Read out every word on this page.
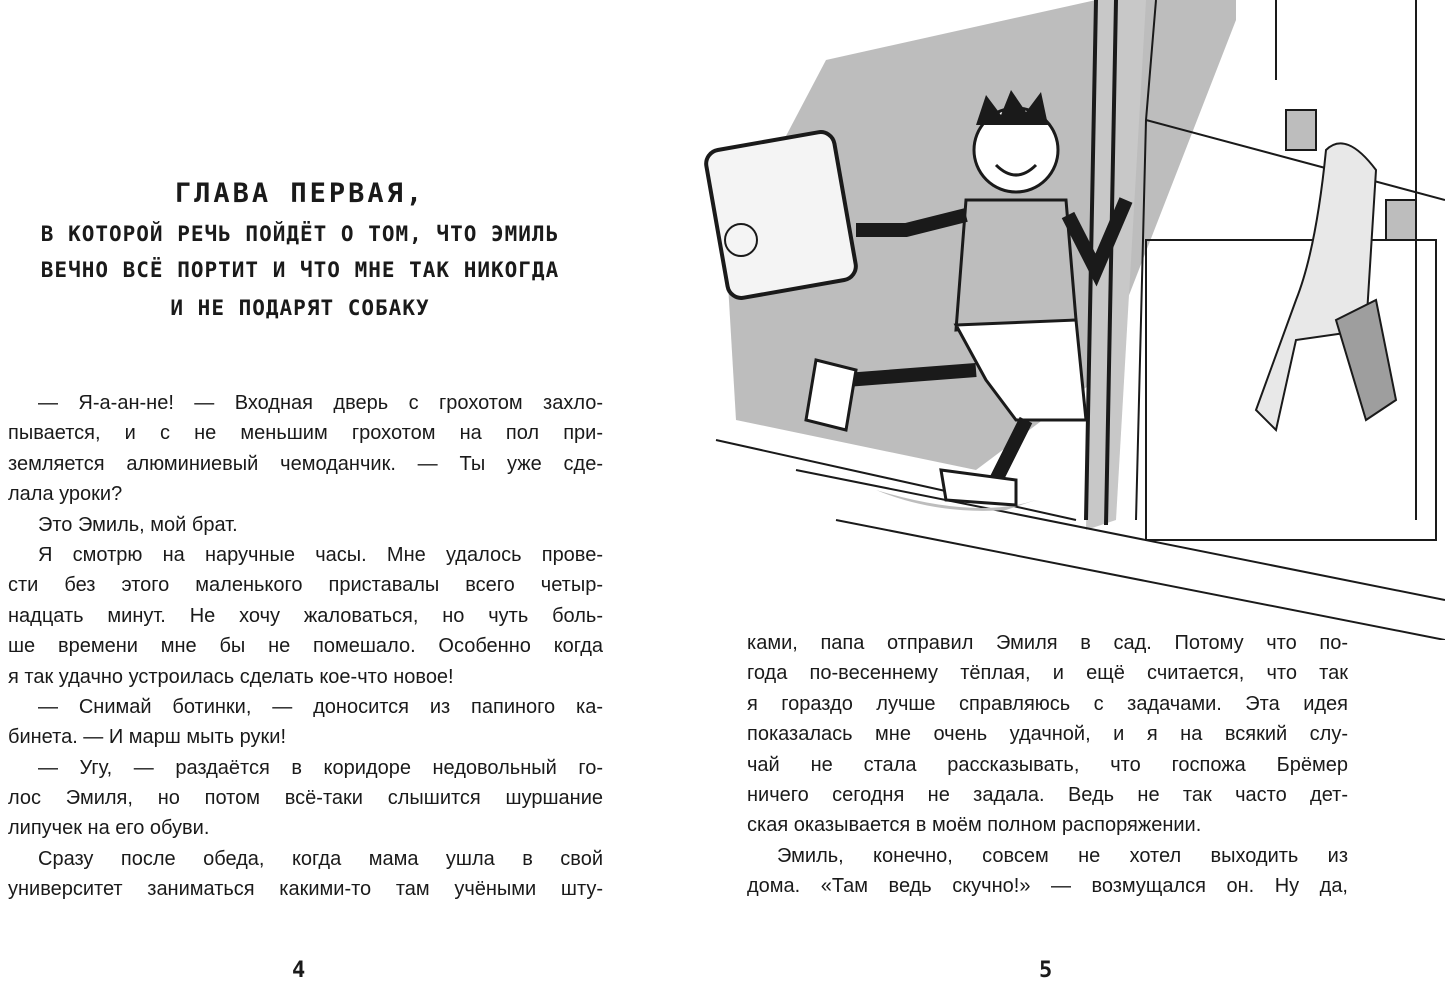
ГЛАВА ПЕРВАЯ,
В КОТОРОЙ РЕЧЬ ПОЙДЁТ О ТОМ, ЧТО ЭМИЛЬ
ВЕЧНО ВСЁ ПОРТИТ И ЧТО МНЕ ТАК НИКОГДА
И НЕ ПОДАРЯТ СОБАКУ
— Я-а-ан-не! — Входная дверь с грохотом захло-
пывается, и с не меньшим грохотом на пол при-
земляется алюминиевый чемоданчик. — Ты уже сде-
лала уроки?
Это Эмиль, мой брат.
Я смотрю на наручные часы. Мне удалось прове-
сти без этого маленького приставалы всего четыр-
надцать минут. Не хочу жаловаться, но чуть боль-
ше времени мне бы не помешало. Особенно когда
я так удачно устроилась сделать кое-что новое!
— Снимай ботинки, — доносится из папиного ка-
бинета. — И марш мыть руки!
— Угу, — раздаётся в коридоре недовольный го-
лос Эмиля, но потом всё-таки слышится шуршание
липучек на его обуви.
Сразу после обеда, когда мама ушла в свой
университет заниматься какими-то там учёными шту-
4
ками, папа отправил Эмиля в сад. Потому что по-
года по-весеннему тёплая, и ещё считается, что так
я гораздо лучше справляюсь с задачами. Эта идея
показалась мне очень удачной, и я на всякий слу-
чай не стала рассказывать, что госпожа Брёмер
ничего сегодня не задала. Ведь не так часто дет-
ская оказывается в моём полном распоряжении.
Эмиль, конечно, совсем не хотел выходить из
дома. «Там ведь скучно!» — возмущался он. Ну да,
5
